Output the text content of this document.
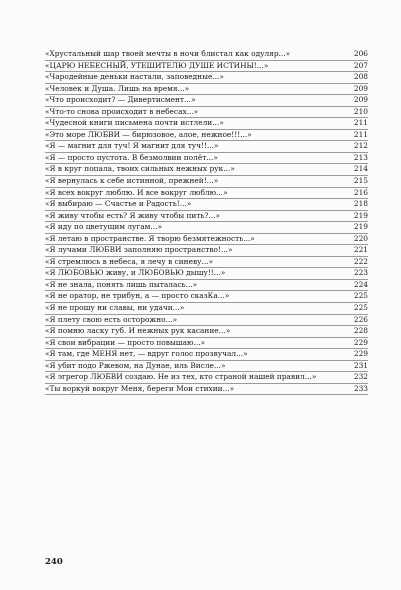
«Хрустальный шар твоей мечты в ночи блистал как одуляр...»	206
«ЦАРЮ НЕБЕСНЫЙ, УТЕШИТЕЛЮ ДУШЕ ИСТИНЫ!...»	207
«Чародейные деньки настали, заповедные...»	208
«Человек и Душа. Лишь на время...»	209
«Что происходит? — Дивертисмент...»	209
«Что-то снова происходит в небесах...»	210
«Чудесной книги письмена почти истлели...»	211
«Это море ЛЮБВИ — бирюзовое, алое, нежное!!!...»	211
«Я — магнит для туч! Я магнит для туч!!...»	212
«Я — просто пустота. В безмолвии полёт...»	213
«Я в круг попала, твоих сильных нежных рук...»	214
«Я вернулась к себе истинной, прежней!...»	215
«Я всех вокруг люблю. И все вокруг люблю...»	216
«Я выбираю — Счастье и Радость!...»	218
«Я живу чтобы есть? Я живу чтобы пить?...»	219
«Я иду по цветущим лугам...»	219
«Я летаю в пространстве. Я творю безмятежность...»	220
«Я лучами ЛЮБВИ заполняю пространство!...»	221
«Я стремлюсь в небеса, я лечу в синеву...»	222
«Я ЛЮБОВЬЮ живу, и ЛЮБОВЬЮ дышу!!...»	223
«Я не знала, понять лишь пыталась...»	224
«Я не оратор, не трибун, а — просто сказКа...»	225
«Я не прошу ни славы, ни удачи...»	225
«Я плету свою есть осторожно...»	226
«Я помню ласку губ. И нежных рук касание...»	228
«Я свои вибрации — просто повышаю...»	229
«Я там, где МЕНЯ нет, — вдруг голос прозвучал...»	229
«Я убит подо Ржевом, на Дунае, иль Висле...»	231
«Я эгрегор ЛЮБВИ создаю. Не из тех, кто страной нашей правил...»	232
«Ты воркуй вокруг Меня, береги Мои стихии...»	233
240
